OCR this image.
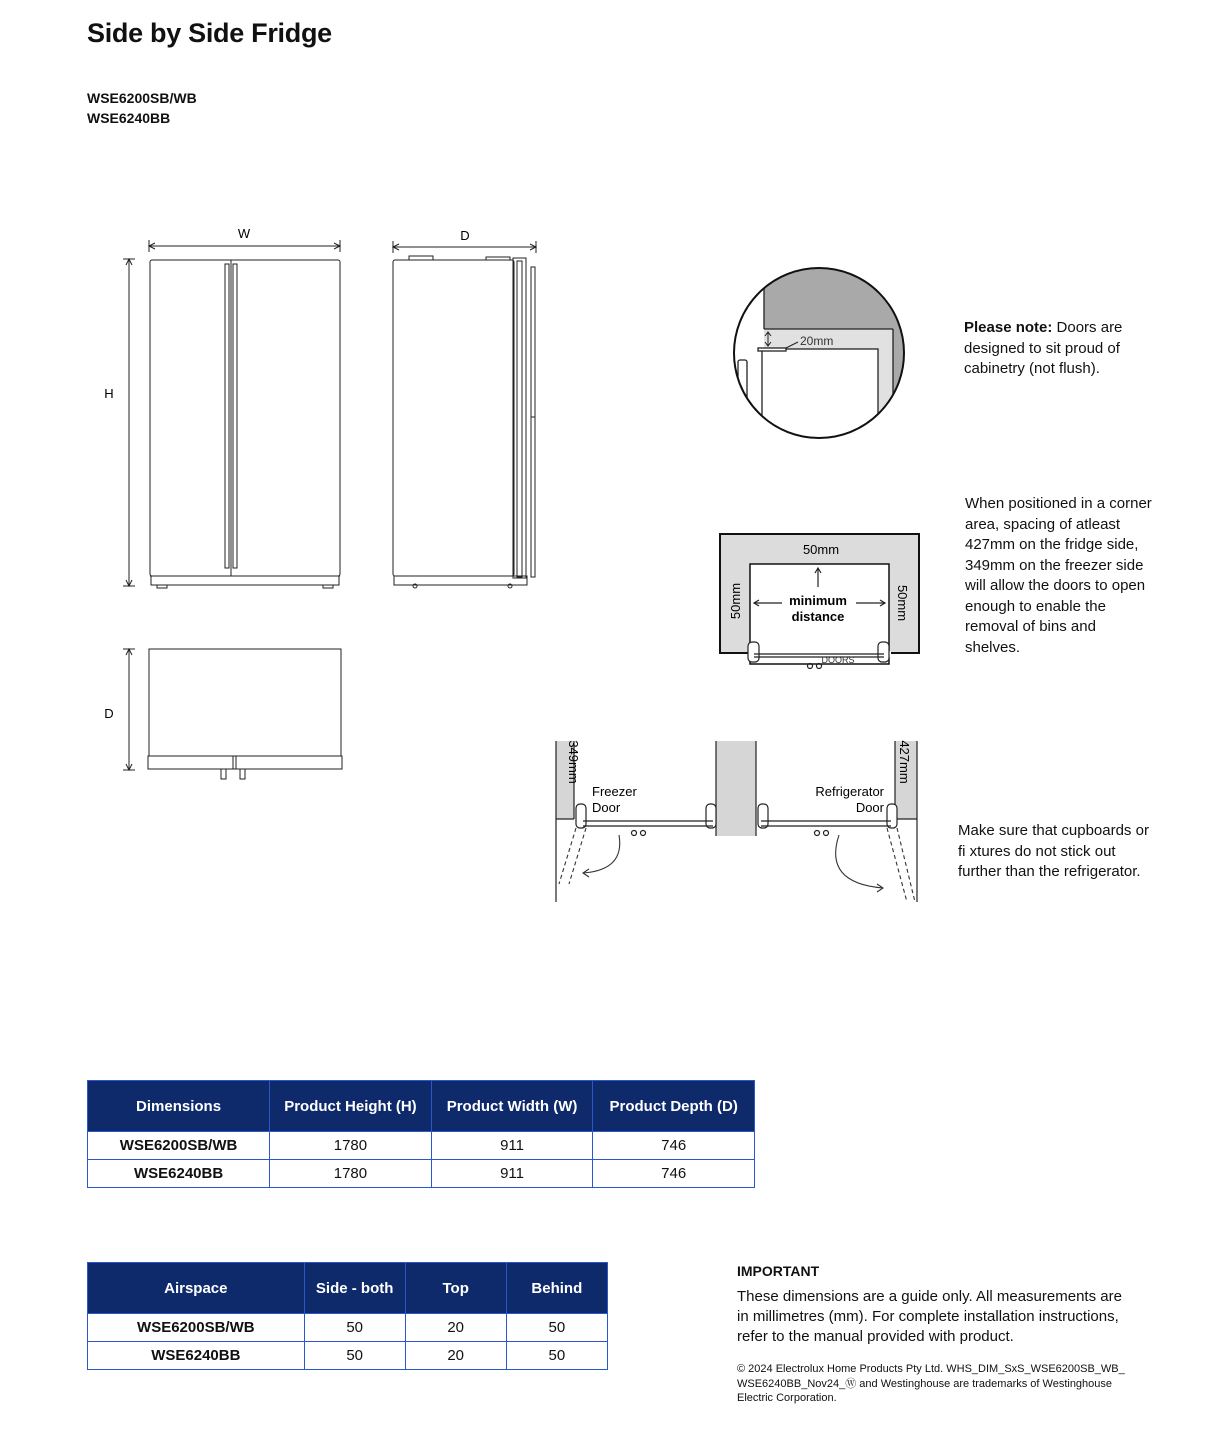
Side by Side Fridge
WSE6200SB/WB
WSE6240BB
W
H
D
D
20mm
Please note: Doors are designed to sit proud of cabinetry (not flush).
50mm
minimum
distance
DOORS
50mm	50mm
When positioned in a corner area, spacing of atleast 427mm on the fridge side, 349mm on the freezer side will allow the doors to open enough to enable the removal of bins and shelves.
349mm	427mm
Freezer
Door
Refrigerator
Door
Make sure that cupboards or fi xtures do not stick out further than the refrigerator.
Dimensions	Product Height (H)	Product Width (W)	Product Depth (D)
WSE6200SB/WB	1780	911	746
WSE6240BB	1780	911	746
Airspace	Side - both	Top	Behind
WSE6200SB/WB	50	20	50
WSE6240BB	50	20	50
IMPORTANT
These dimensions are a guide only. All measurements are in millimetres (mm). For complete installation instructions, refer to the manual provided with product.
© 2024 Electrolux Home Products Pty Ltd. WHS_DIM_SxS_WSE6200SB_WB_ WSE6240BB_Nov24_Ⓦ and Westinghouse are trademarks of Westinghouse Electric Corporation.
